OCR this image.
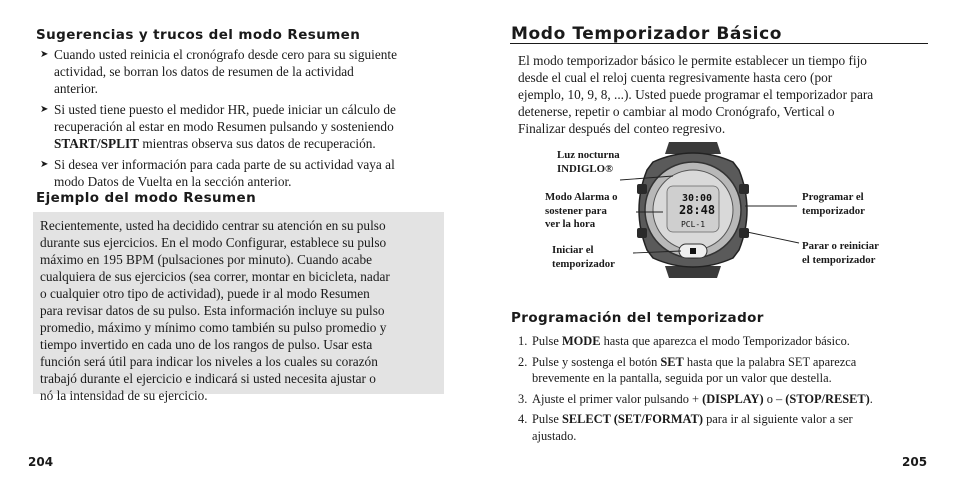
Sugerencias y trucos del modo Resumen
➤ Cuando usted reinicia el cronógrafo desde cero para su siguiente
actividad, se borran los datos de resumen de la actividad
anterior.
➤ Si usted tiene puesto el medidor HR, puede iniciar un cálculo de
recuperación al estar en modo Resumen pulsando y sosteniendo
START/SPLIT mientras observa sus datos de recuperación.
➤ Si desea ver información para cada parte de su actividad vaya al
modo Datos de Vuelta en la sección anterior.
Ejemplo del modo Resumen
Recientemente, usted ha decidido centrar su atención en su pulso
durante sus ejercicios. En el modo Configurar, establece su pulso
máximo en 195 BPM (pulsaciones por minuto). Cuando acabe
cualquiera de sus ejercicios (sea correr, montar en bicicleta, nadar
o cualquier otro tipo de actividad), puede ir al modo Resumen
para revisar datos de su pulso. Esta información incluye su pulso
promedio, máximo y mínimo como también su pulso promedio y
tiempo invertido en cada uno de los rangos de pulso. Usar esta
función será útil para indicar los niveles a los cuales su corazón
trabajó durante el ejercicio e indicará si usted necesita ajustar o
nó la intensidad de su ejercicio.

204

Modo Temporizador Básico

El modo temporizador básico le permite establecer un tiempo fijo
desde el cual el reloj cuenta regresivamente hasta cero (por
ejemplo, 10, 9, 8, ...). Usted puede programar el temporizador para
detenerse, repetir o cambiar al modo Cronógrafo, Vertical o
Finalizar después del conteo regresivo.

30:00
28:48
PCL-1

Luz nocturna
INDIGLO®

Modo Alarma o
sostener para
ver la hora

Iniciar el
temporizador

Programar el
temporizador

Parar o reiniciar
el temporizador

Programación del temporizador
1. Pulse MODE hasta que aparezca el modo Temporizador básico.
2. Pulse y sostenga el botón SET hasta que la palabra SET aparezca
brevemente en la pantalla, seguida por un valor que destella.
3. Ajuste el primer valor pulsando + (DISPLAY) o – (STOP/RESET).
4. Pulse SELECT (SET/FORMAT) para ir al siguiente valor a ser
ajustado.

205
